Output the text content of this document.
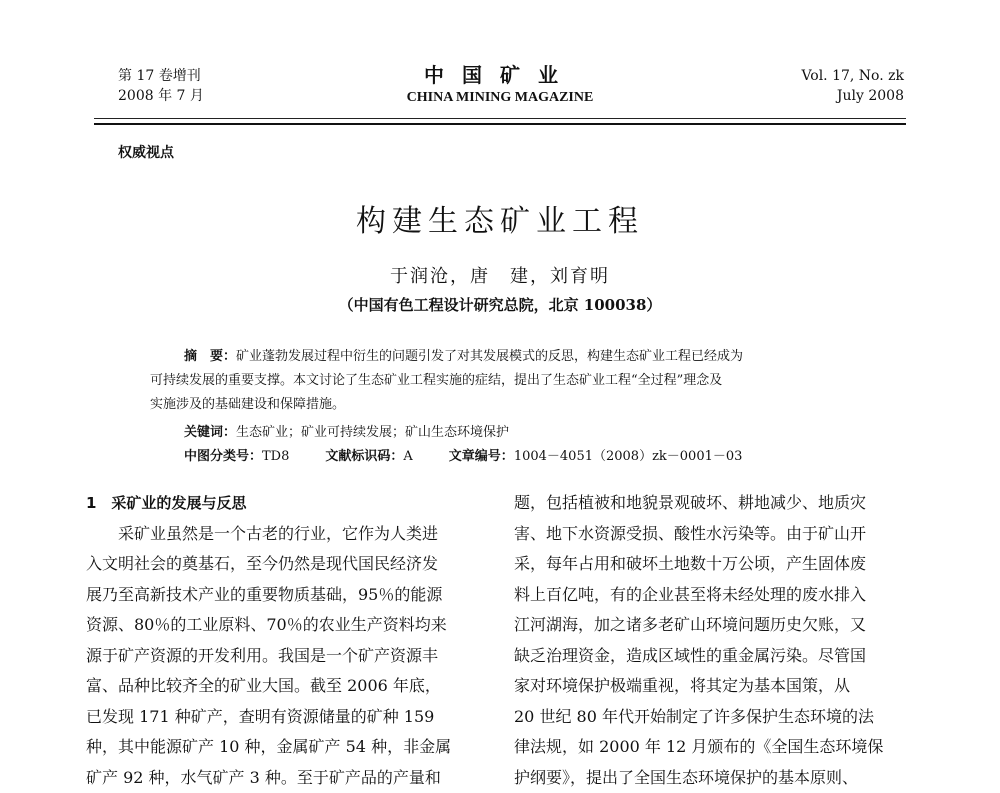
第 17 卷增刊
2008 年 7 月
中国矿业
CHINA MINING MAGAZINE
Vol. 17, No. zk
July 2008
权威视点
构建生态矿业工程
于润沧，唐　建，刘育明
（中国有色工程设计研究总院，北京 100038）
摘　要：矿业蓬勃发展过程中衍生的问题引发了对其发展模式的反思，构建生态矿业工程已经成为
可持续发展的重要支撑。本文讨论了生态矿业工程实施的症结，提出了生态矿业工程“全过程”理念及
实施涉及的基础建设和保障措施。
关键词：生态矿业；矿业可持续发展；矿山生态环境保护
中图分类号：TD8	文献标识码：A	文章编号：1004－4051（2008）zk－0001－03
1　采矿业的发展与反思
　　采矿业虽然是一个古老的行业，它作为人类进
入文明社会的奠基石，至今仍然是现代国民经济发
展乃至高新技术产业的重要物质基础，95％的能源
资源、80％的工业原料、70％的农业生产资料均来
源于矿产资源的开发利用。我国是一个矿产资源丰
富、品种比较齐全的矿业大国。截至 2006 年底，
已发现 171 种矿产，查明有资源储量的矿种 159
种，其中能源矿产 10 种，金属矿产 54 种，非金属
矿产 92 种，水气矿产 3 种。至于矿产品的产量和
题，包括植被和地貌景观破坏、耕地减少、地质灾
害、地下水资源受损、酸性水污染等。由于矿山开
采，每年占用和破坏土地数十万公顷，产生固体废
料上百亿吨，有的企业甚至将未经处理的废水排入
江河湖海，加之诸多老矿山环境问题历史欠账，又
缺乏治理资金，造成区域性的重金属污染。尽管国
家对环境保护极端重视，将其定为基本国策，从
20 世纪 80 年代开始制定了许多保护生态环境的法
律法规，如 2000 年 12 月颁布的《全国生态环境保
护纲要》，提出了全国生态环境保护的基本原则、
